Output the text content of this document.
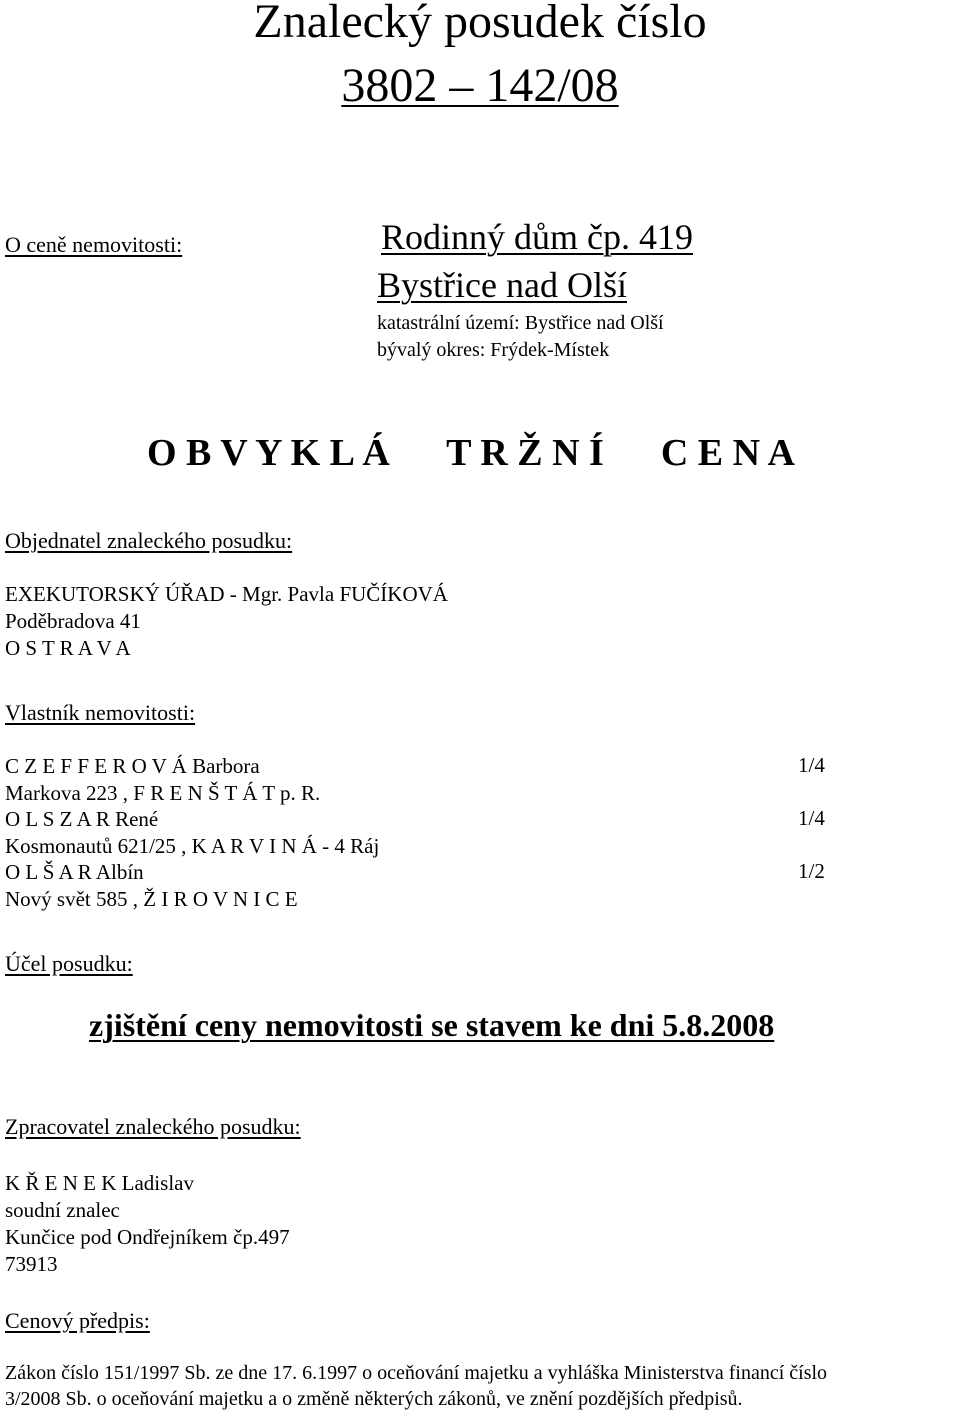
Znalecký posudek číslo
3802 – 142/08
O ceně nemovitosti:	Rodinný dům čp. 419
Bystřice nad Olší
katastrální území: Bystřice nad Olší
bývalý okres: Frýdek-Místek
O B V Y K L Á T R Ž N Í C E N A
Objednatel znaleckého posudku:
EXEKUTORSKÝ ÚŘAD - Mgr. Pavla FUČÍKOVÁ
Poděbradova 41
O S T R A V A
Vlastník nemovitosti:
C Z E F F E R O V Á Barbora	1/4
Markova 223 , F R E N Š T Á T p. R.
O L S Z A R René	1/4
Kosmonautů 621/25 , K A R V I N Á - 4 Ráj
O L Š A R Albín	1/2
Nový svět 585 , Ž I R O V N I C E
Účel posudku:
zjištění ceny nemovitosti se stavem ke dni 5.8.2008
Zpracovatel znaleckého posudku:
K Ř E N E K Ladislav
soudní znalec
Kunčice pod Ondřejníkem čp.497
73913
Cenový předpis:
Zákon číslo 151/1997 Sb. ze dne 17. 6.1997 o oceňování majetku a vyhláška Ministerstva financí číslo
3/2008 Sb. o oceňování majetku a o změně některých zákonů, ve znění pozdějších předpisů.
